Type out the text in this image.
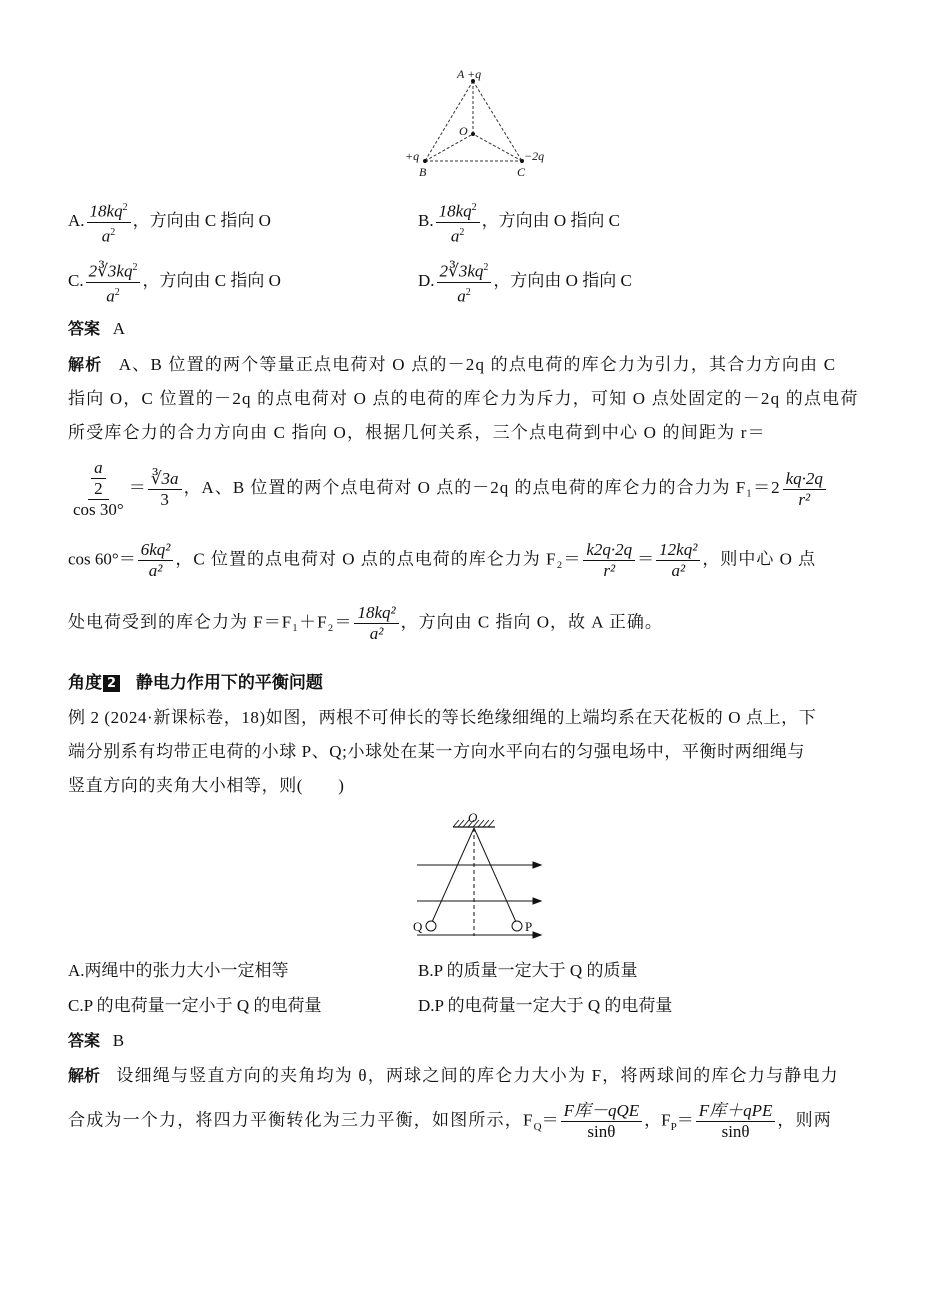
A +q
O
+q
B
−2q
C
A. $\frac{18kq^2}{a^2}$ ，方向由 C 指向 O	B. $\frac{18kq^2}{a^2}$ ，方向由 O 指向 C
C. $\frac{2∛3kq^2}{a^2}$ ，方向由 C 指向 O	D. $\frac{2∛3kq^2}{a^2}$ ，方向由 O 指向 C
答案 A
解析 A、B 位置的两个等量正点电荷对 O 点的－2q 的点电荷的库仑力为引力，其合力方向由 C
指向 O，C 位置的－2q 的点电荷对 O 点的电荷的库仑力为斥力，可知 O 点处固定的－2q 的点电荷
所受库仑力的合力方向由 C 指向 O，根据几何关系，三个点电荷到中心 O 的间距为 r＝
$\frac{\frac{a}{2}}{\cos 30^\circ} = \frac{∛3a}{3}$ ，A、B 位置的两个点电荷对 O 点的－2q 的点电荷的库仑力的合力为 $F_1=2 \frac{kq\cdot 2q}{\text{r²}}$
$\cos 60^\circ= \frac{\text{6kq²}}{\text{a²}}$ ，C 位置的点电荷对 O 点的点电荷的库仑力为 $F_2= \frac{k2q\cdot 2q}{\text{r²}} = \frac{\text{12kq²}}{\text{a²}}$ ，则中心 O 点
处电荷受到的库仑力为 $F=F_1+F_2= \frac{\text{18kq²}}{\text{a²}}$ ，方向由 C 指向 O，故 A 正确。
角度 2 静电力作用下的平衡问题
例 2 (2024·新课标卷，18)如图，两根不可伸长的等长绝缘细绳的上端均系在天花板的 O 点上，下
端分别系有均带正电荷的小球 P、Q;小球处在某一方向水平向右的匀强电场中，平衡时两细绳与
竖直方向的夹角大小相等，则(　　)
O
Q	P
A.两绳中的张力大小一定相等	B.P 的质量一定大于 Q 的质量
C.P 的电荷量一定小于 Q 的电荷量	D.P 的电荷量一定大于 Q 的电荷量
答案 B
解析 设细绳与竖直方向的夹角均为 θ，两球之间的库仑力大小为 F，将两球间的库仑力与静电力
合成为一个力，将四力平衡转化为三力平衡，如图所示，$F_Q= \frac{\text{F库－qQE}}{\sin\theta}$ ，$F_P= \frac{\text{F库＋qPE}}{\sin\theta}$ ，则两
